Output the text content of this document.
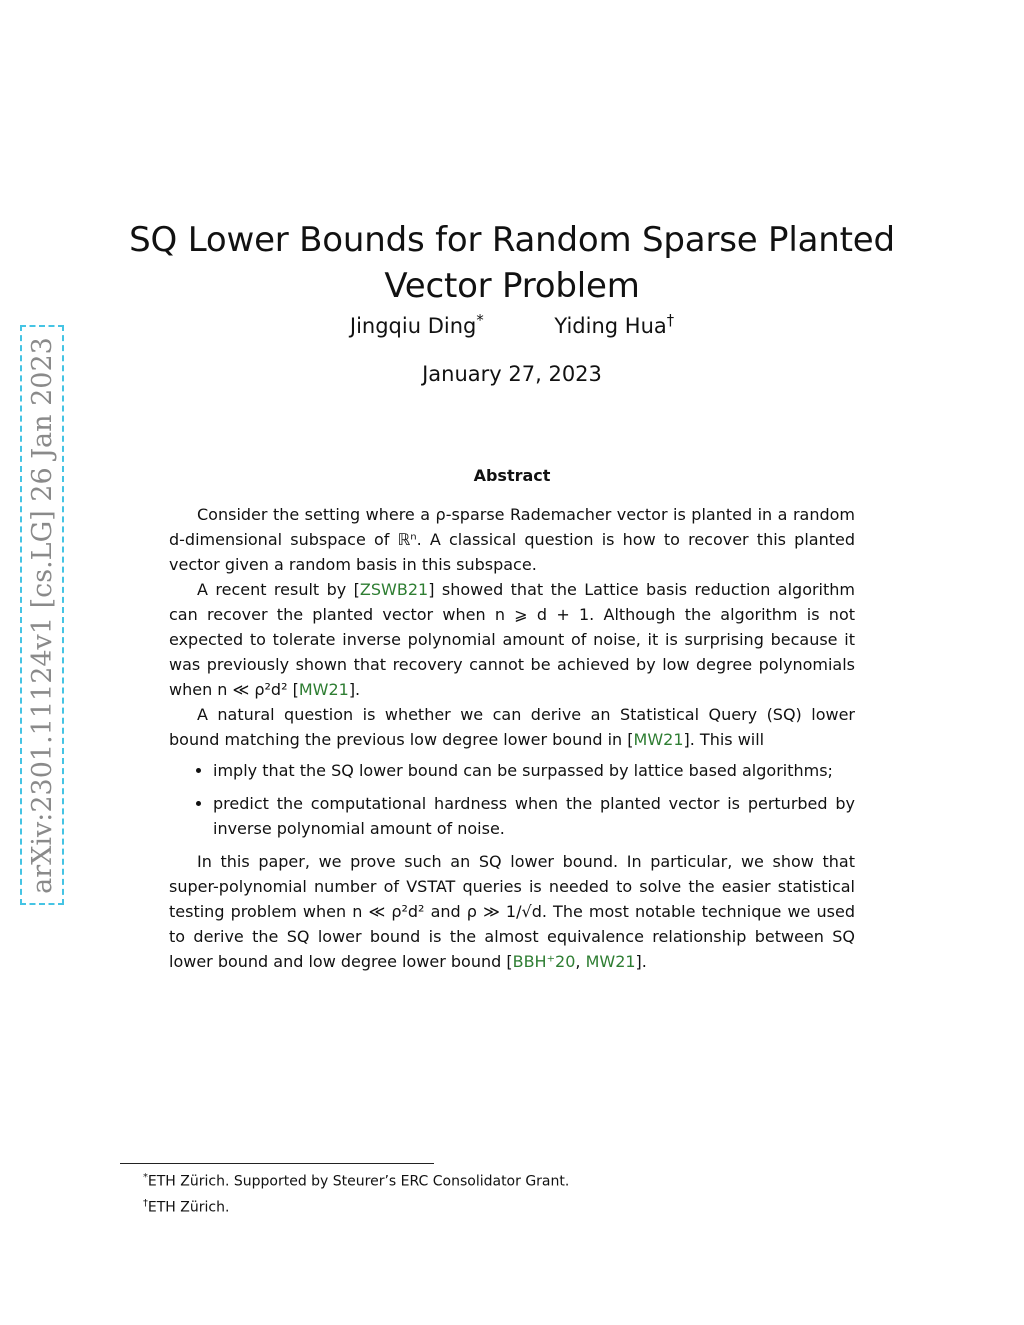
arXiv:2301.11124v1 [cs.LG] 26 Jan 2023
SQ Lower Bounds for Random Sparse Planted
Vector Problem
Jingqiu Ding*	Yiding Hua†
January 27, 2023
Abstract

Consider the setting where a ρ-sparse Rademacher vector is planted in a random d-dimensional subspace of ℝⁿ. A classical question is how to recover this planted vector given a random basis in this subspace.

A recent result by [ZSWB21] showed that the Lattice basis reduction algorithm can recover the planted vector when n ⩾ d + 1. Although the algorithm is not expected to tolerate inverse polynomial amount of noise, it is surprising because it was previously shown that recovery cannot be achieved by low degree polynomials when n ≪ ρ²d² [MW21].

A natural question is whether we can derive an Statistical Query (SQ) lower bound matching the previous low degree lower bound in [MW21]. This will

• imply that the SQ lower bound can be surpassed by lattice based algorithms;
• predict the computational hardness when the planted vector is perturbed by inverse polynomial amount of noise.

In this paper, we prove such an SQ lower bound. In particular, we show that super-polynomial number of VSTAT queries is needed to solve the easier statistical testing problem when n ≪ ρ²d² and ρ ≫ 1/√d. The most notable technique we used to derive the SQ lower bound is the almost equivalence relationship between SQ lower bound and low degree lower bound [BBH⁺20, MW21].

*ETH Zürich. Supported by Steurer’s ERC Consolidator Grant.
†ETH Zürich.
